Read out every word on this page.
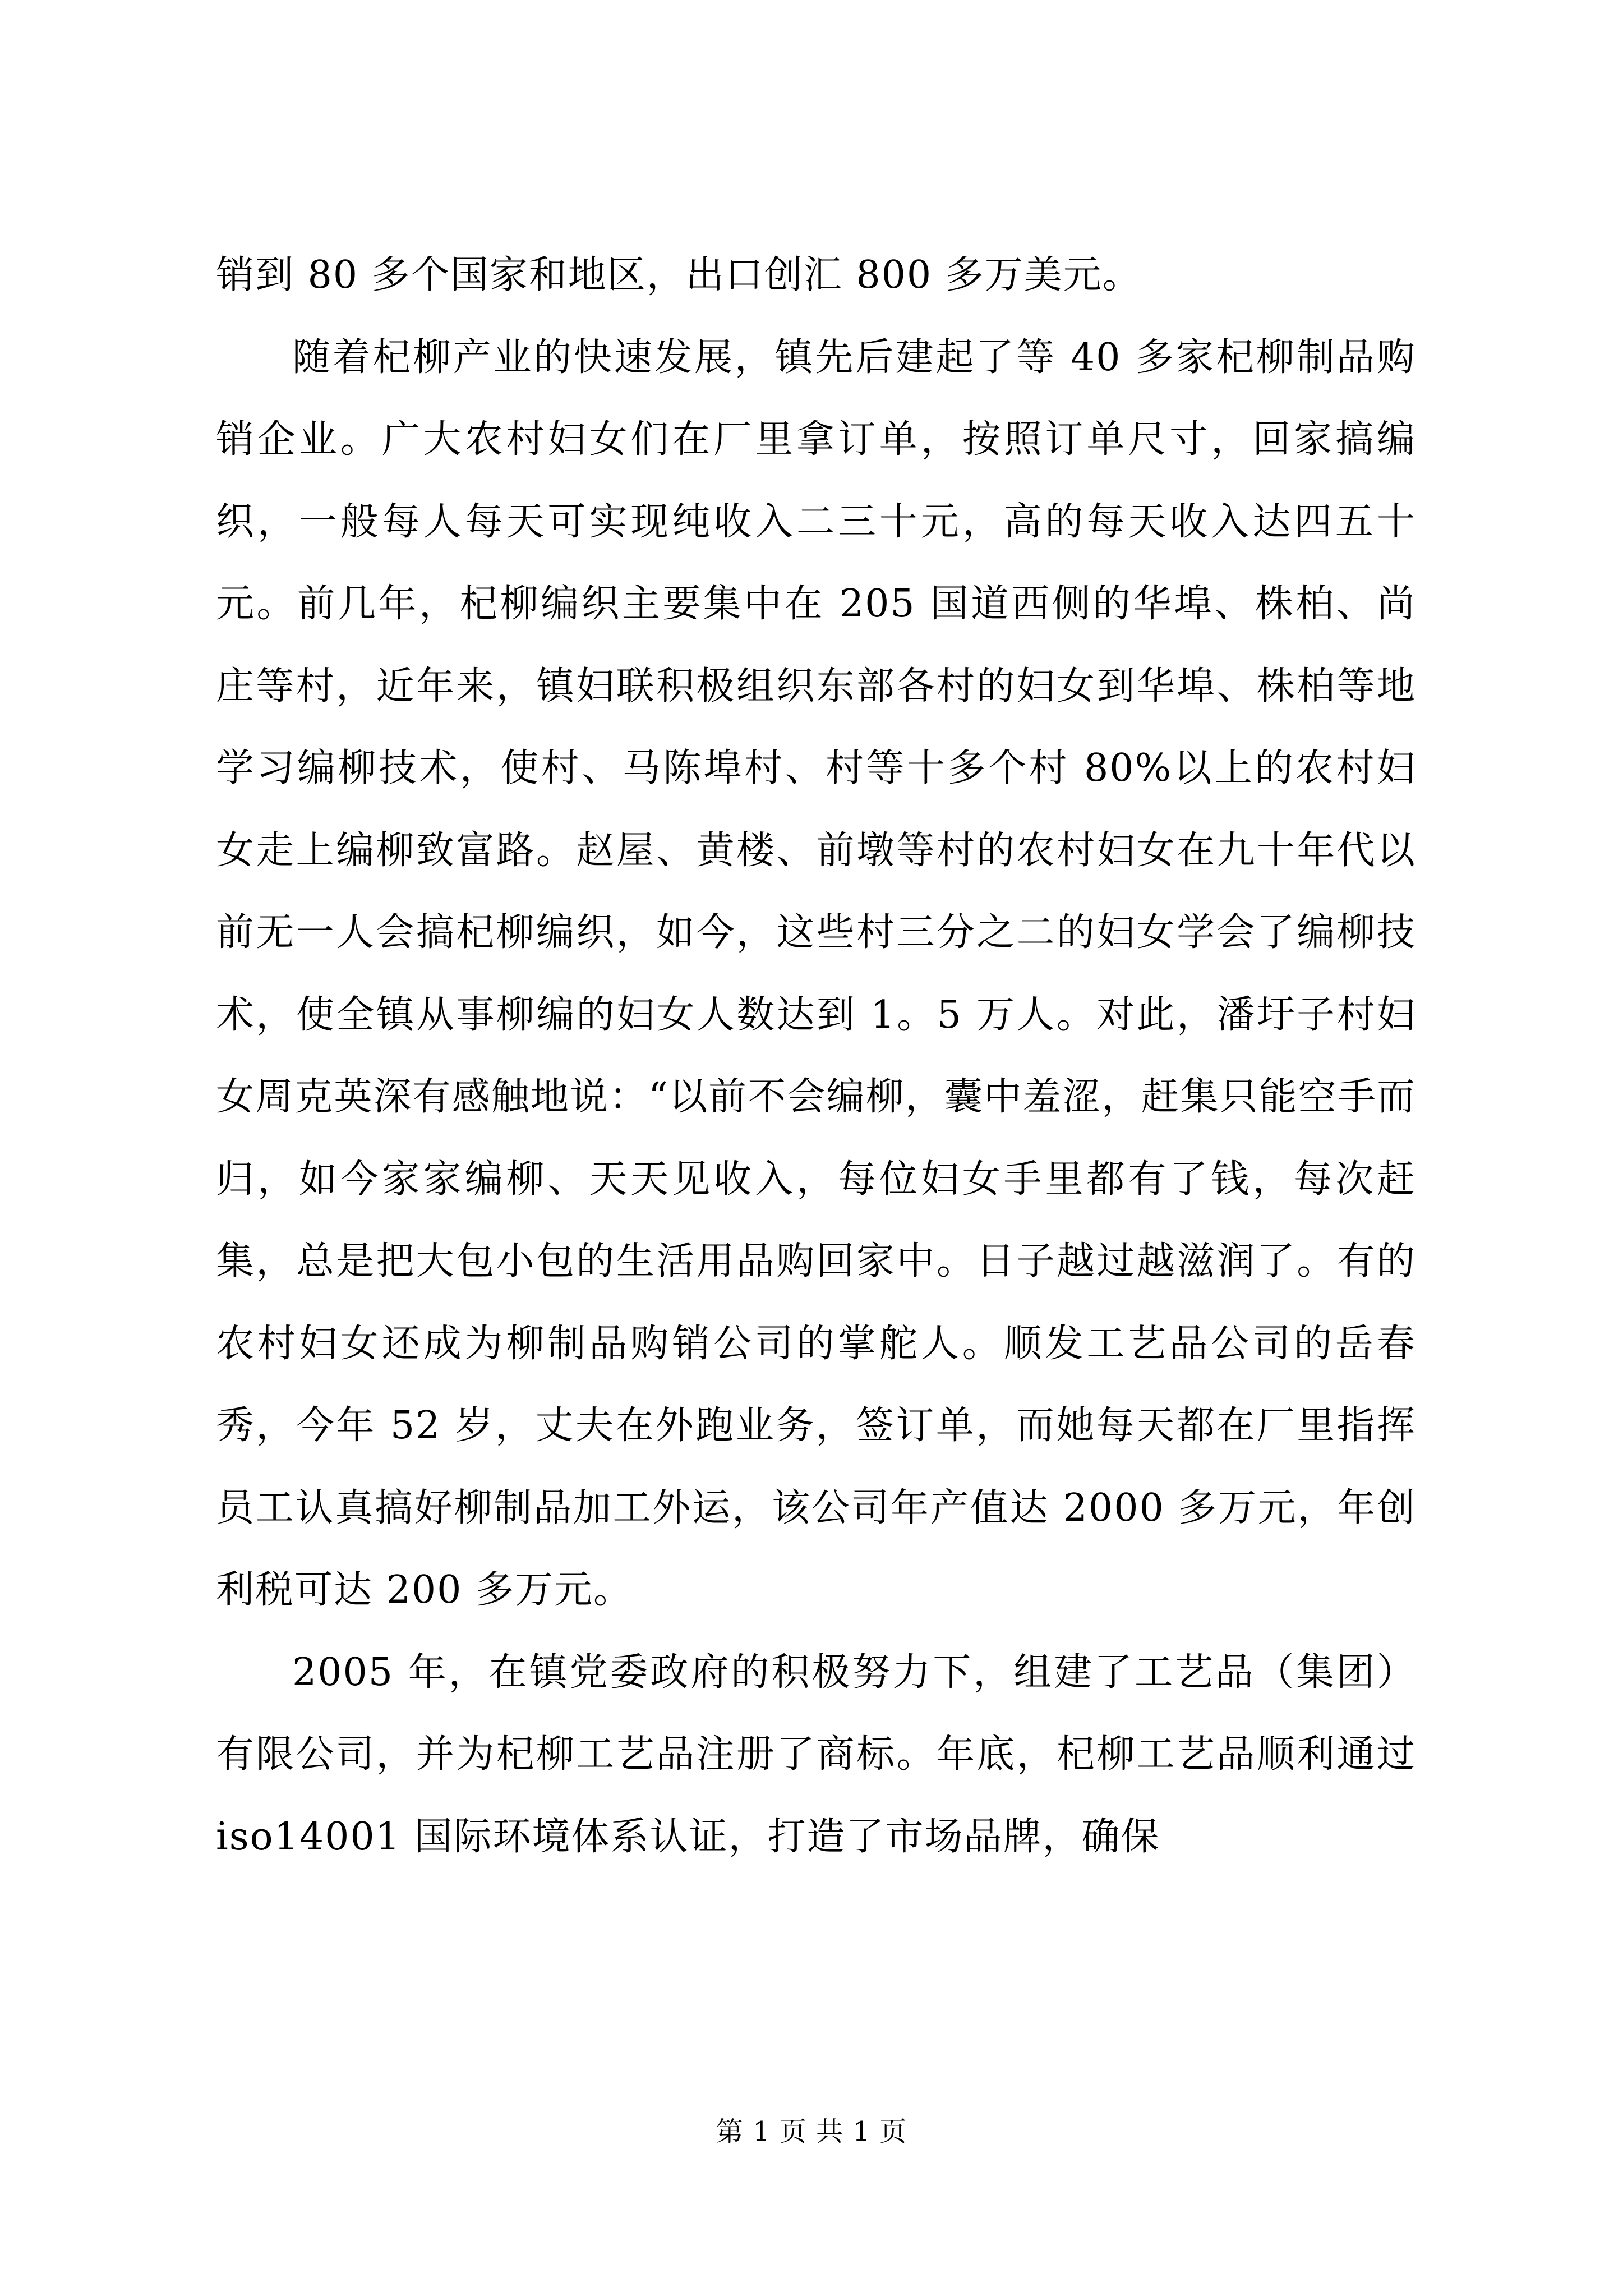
销到 80 多个国家和地区，出口创汇 800 多万美元。

随着杞柳产业的快速发展，镇先后建起了等 40 多家杞柳制品购销企业。广大农村妇女们在厂里拿订单，按照订单尺寸，回家搞编织，一般每人每天可实现纯收入二三十元，高的每天收入达四五十元。前几年，杞柳编织主要集中在 205 国道西侧的华埠、株柏、尚庄等村，近年来，镇妇联积极组织东部各村的妇女到华埠、株柏等地学习编柳技术，使村、马陈埠村、村等十多个村 80%以上的农村妇女走上编柳致富路。赵屋、黄楼、前墩等村的农村妇女在九十年代以前无一人会搞杞柳编织，如今，这些村三分之二的妇女学会了编柳技术，使全镇从事柳编的妇女人数达到 1。5 万人。对此，潘圩子村妇女周克英深有感触地说：“以前不会编柳，囊中羞涩，赶集只能空手而归，如今家家编柳、天天见收入，每位妇女手里都有了钱，每次赶集，总是把大包小包的生活用品购回家中。日子越过越滋润了。有的农村妇女还成为柳制品购销公司的掌舵人。顺发工艺品公司的岳春秀，今年 52 岁，丈夫在外跑业务，签订单，而她每天都在厂里指挥员工认真搞好柳制品加工外运，该公司年产值达 2000 多万元，年创利税可达 200 多万元。

2005 年，在镇党委政府的积极努力下，组建了工艺品（集团）有限公司，并为杞柳工艺品注册了商标。年底，杞柳工艺品顺利通过 iso14001 国际环境体系认证，打造了市场品牌，确保

第 1 页 共 1 页
